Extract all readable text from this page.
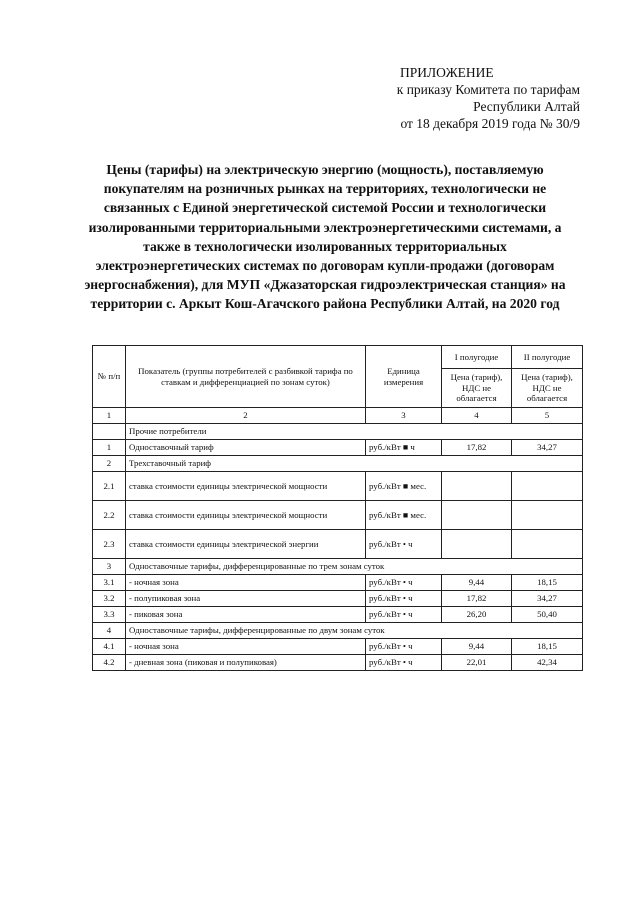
ПРИЛОЖЕНИЕ
к приказу Комитета по тарифам
Республики Алтай
от 18 декабря 2019 года № 30/9
Цены (тарифы) на электрическую энергию (мощность), поставляемую покупателям на розничных рынках на территориях, технологически не связанных с Единой энергетической системой России и технологически изолированными территориальными электроэнергетическими системами, а также в технологически изолированных территориальных электроэнергетических системах по договорам купли-продажи (договорам энергоснабжения), для МУП «Джазаторская гидроэлектрическая станция» на территории с. Аркыт Кош-Агачского района Республики Алтай, на 2020 год
№ п/п	Показатель (группы потребителей с разбивкой тарифа по ставкам и дифференциацией по зонам суток)	Единица измерения	I полугодие	II полугодие
			Цена (тариф), НДС не облагается	Цена (тариф), НДС не облагается
1	2	3	4	5
	Прочие потребители			
1	Одноставочный тариф	руб./кВт ■ ч	17,82	34,27
2	Трехставочный тариф			
2.1	ставка стоимости единицы электрической мощности	руб./кВт ■ мес.		
2.2	ставка стоимости единицы электрической мощности	руб./кВт ■ мес.		
2.3	ставка стоимости единицы электрической энергии	руб./кВт • ч		
3	Одноставочные тарифы, дифференцированные по трем зонам суток			
3.1	- ночная зона	руб./кВт • ч	9,44	18,15
3.2	- полупиковая зона	руб./кВт • ч	17,82	34,27
3.3	- пиковая зона	руб./кВт • ч	26,20	50,40
4	Одноставочные тарифы, дифференцированные по двум зонам суток			
4.1	- ночная зона	руб./кВт • ч	9,44	18,15
4.2	- дневная зона (пиковая и полупиковая)	руб./кВт • ч	22,01	42,34
